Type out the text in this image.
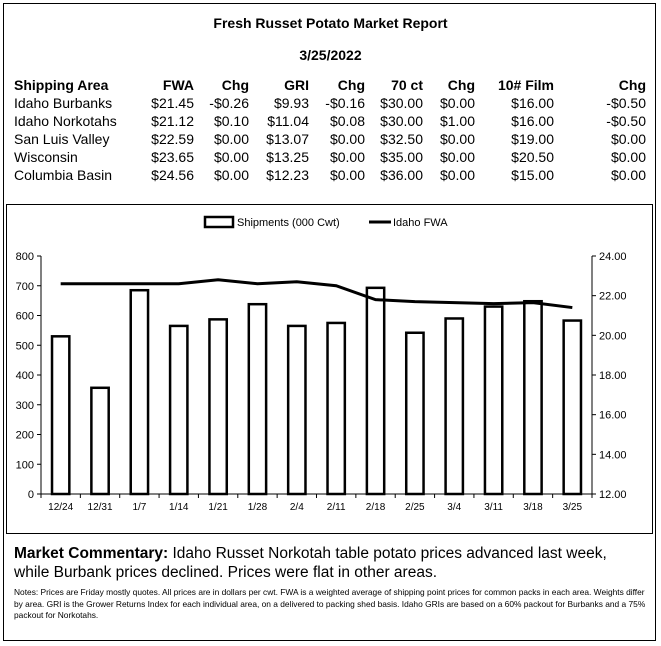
Fresh Russet Potato Market Report
3/25/2022
Shipping Area	FWA	Chg	GRI	Chg	70 ct	Chg	10# Film	Chg
Idaho Burbanks	$21.45	-$0.26	$9.93	-$0.16	$30.00	$0.00	$16.00	-$0.50
Idaho Norkotahs	$21.12	$0.10	$11.04	$0.08	$30.00	$1.00	$16.00	-$0.50
San Luis Valley	$22.59	$0.00	$13.07	$0.00	$32.50	$0.00	$19.00	$0.00
Wisconsin	$23.65	$0.00	$13.25	$0.00	$35.00	$0.00	$20.50	$0.00
Columbia Basin	$24.56	$0.00	$12.23	$0.00	$36.00	$0.00	$15.00	$0.00
0
100
200
300
400
500
600
700
800
12.00
14.00
16.00
18.00
20.00
22.00
24.00
12/24 12/31 1/7 1/14 1/21 1/28 2/4 2/11 2/18 2/25 3/4 3/11 3/18 3/25
Shipments (000 Cwt)	Idaho FWA
Market Commentary: Idaho Russet Norkotah table potato prices advanced last week, while Burbank prices declined. Prices were flat in other areas.
Notes: Prices are Friday mostly quotes. All prices are in dollars per cwt. FWA is a weighted average of shipping point prices for common packs in each area. Weights differ by area. GRI is the Grower Returns Index for each individual area, on a delivered to packing shed basis. Idaho GRIs are based on a 60% packout for Burbanks and a 75% packout for Norkotahs.
